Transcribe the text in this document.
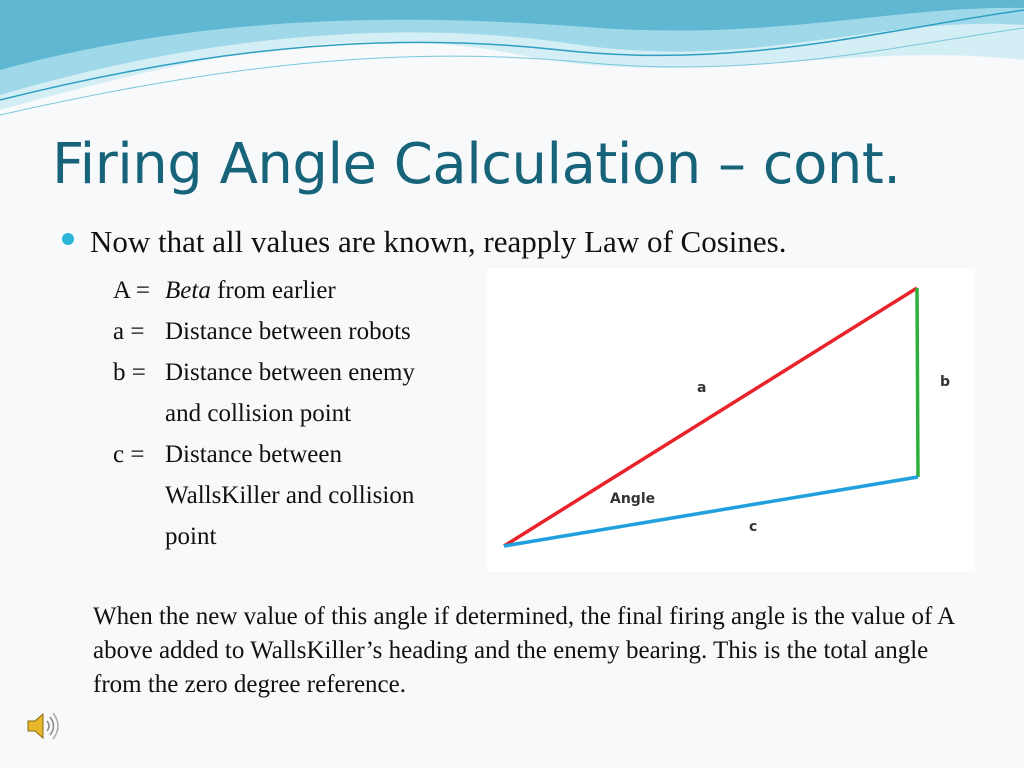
Firing Angle Calculation – cont.
Now that all values are known, reapply Law of Cosines.
A = Beta from earlier
a = Distance between robots
b = Distance between enemy
and collision point
c = Distance between
WallsKiller and collision
point
a	b
c
Angle
When the new value of this angle if determined, the final firing angle is the value of A above added to WallsKiller’s heading and the enemy bearing. This is the total angle from the zero degree reference.
